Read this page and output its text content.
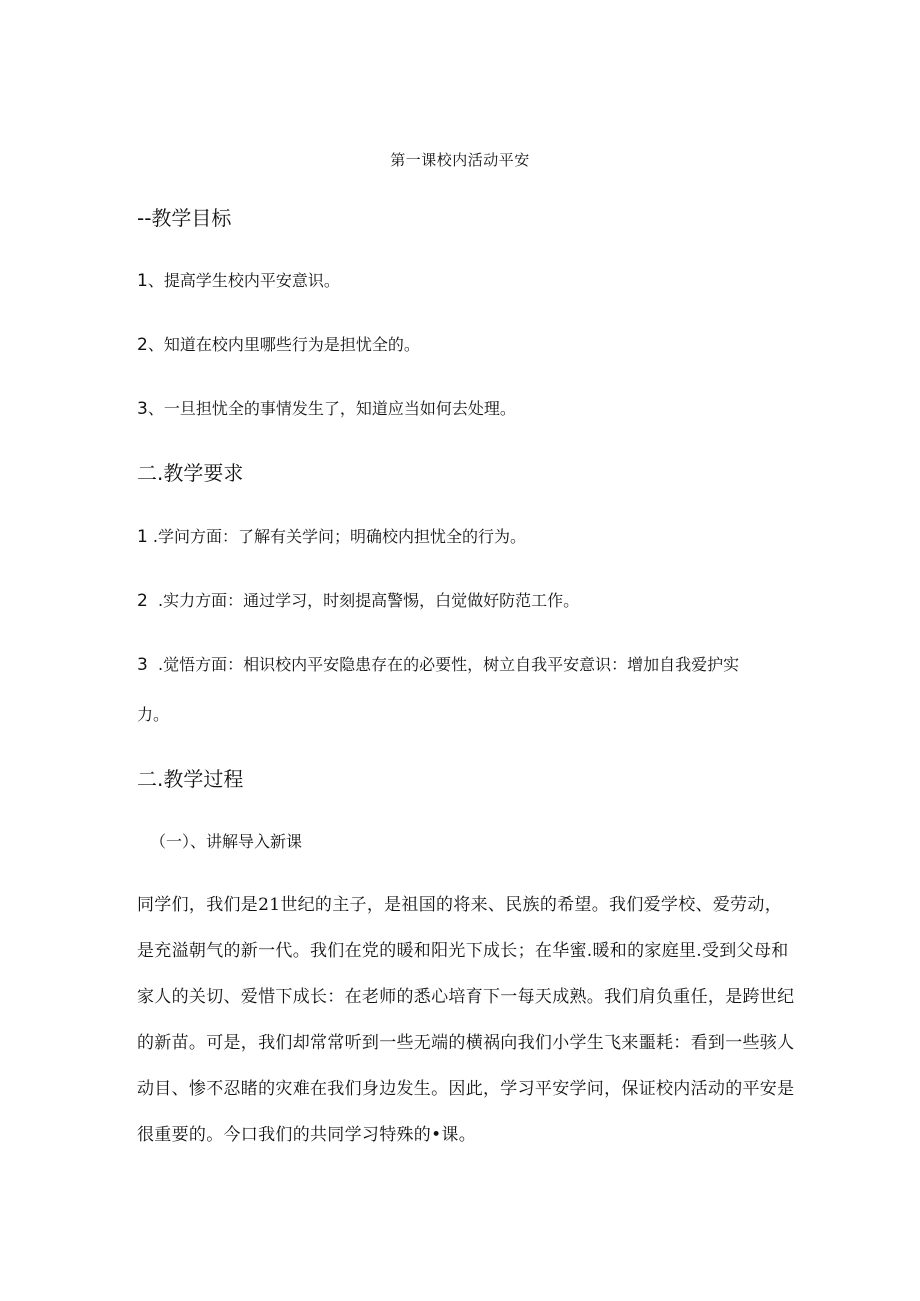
第一课校内活动平安
--教学目标
1、提高学生校内平安意识。
2、知道在校内里哪些行为是担忧全的。
3、一旦担忧全的事情发生了，知道应当如何去处理。
二.教学要求
1 .学问方面：了解有关学问；明确校内担忧全的行为。
2  .实力方面：通过学习，时刻提高警惕，白觉做好防范工作。
3  .觉悟方面：相识校内平安隐患存在的必要性，树立自我平安意识：增加自我爱护实
力。
二.教学过程
（一）、讲解导入新课
同学们，我们是21世纪的主子，是祖国的将来、民族的希望。我们爱学校、爱劳动，
是充溢朝气的新一代。我们在党的暖和阳光下成长；在华蜜.暖和的家庭里.受到父母和
家人的关切、爱惜下成长：在老师的悉心培育下一每天成熟。我们肩负重任，是跨世纪
的新苗。可是，我们却常常听到一些无端的横祸向我们小学生飞来噩耗：看到一些骇人
动目、惨不忍睹的灾难在我们身边发生。因此，学习平安学问，保证校内活动的平安是
很重要的。今口我们的共同学习特殊的•课。
